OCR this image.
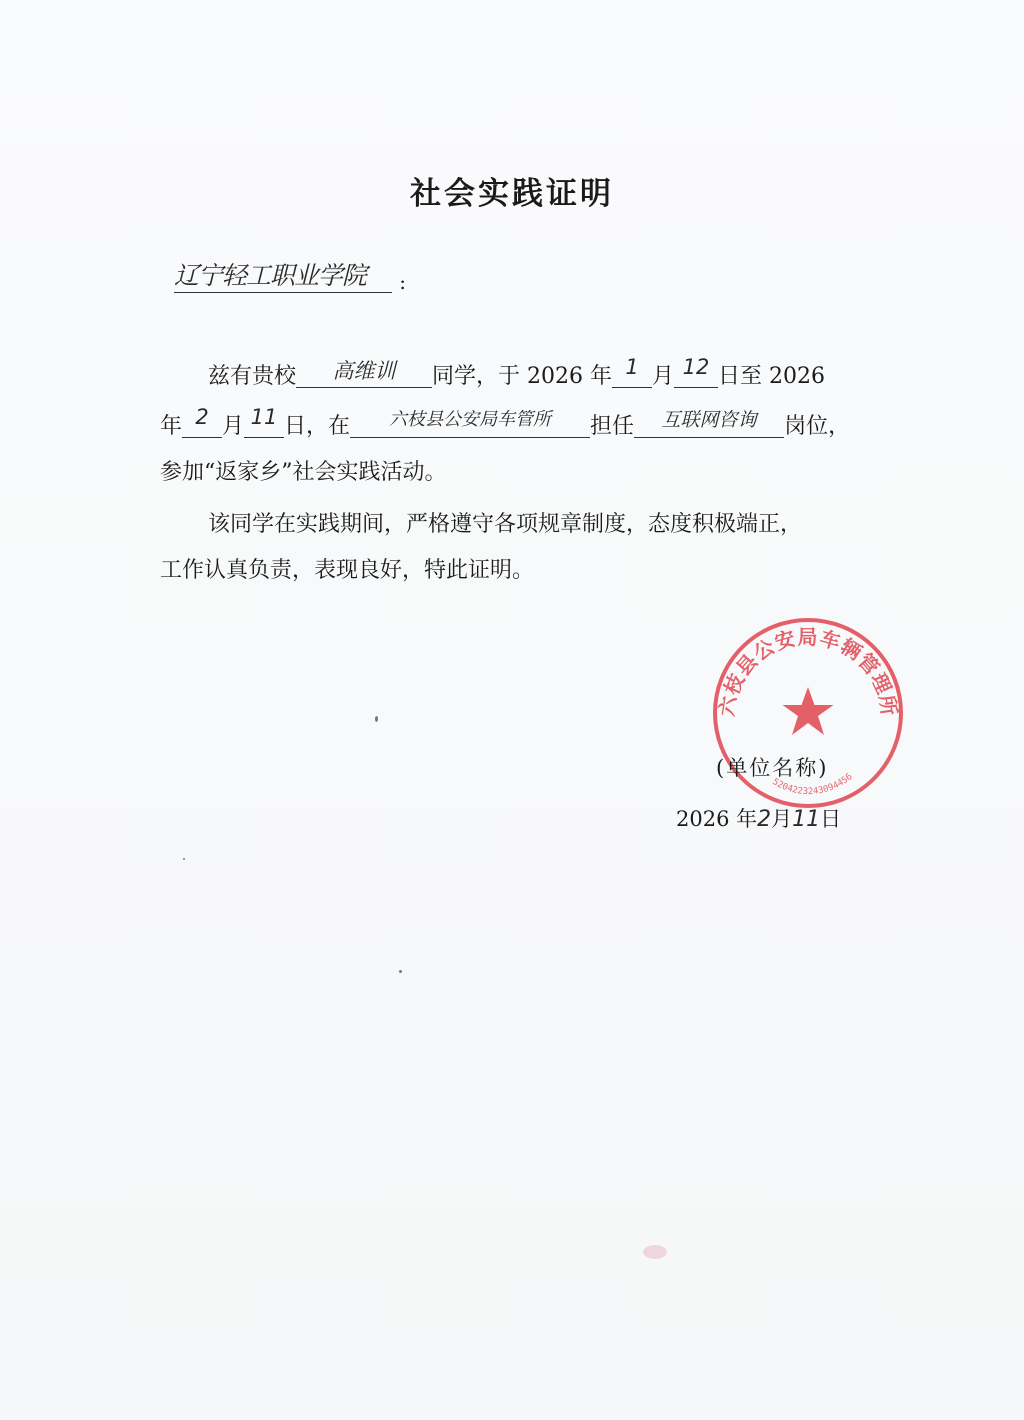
社会实践证明
辽宁轻工职业学院 :
兹有贵校 高维训 同学，于 2026 年 1 月 12 日至 2026
年 2 月 11 日，在 六枝县公安局车管所 担任 互联网咨询 岗位，
参加“返家乡”社会实践活动。
该同学在实践期间，严格遵守各项规章制度，态度积极端正，
工作认真负责，表现良好，特此证明。
六枝县公安局车辆管理所
5204223243094456
(单位名称)
2026 年2月11日
